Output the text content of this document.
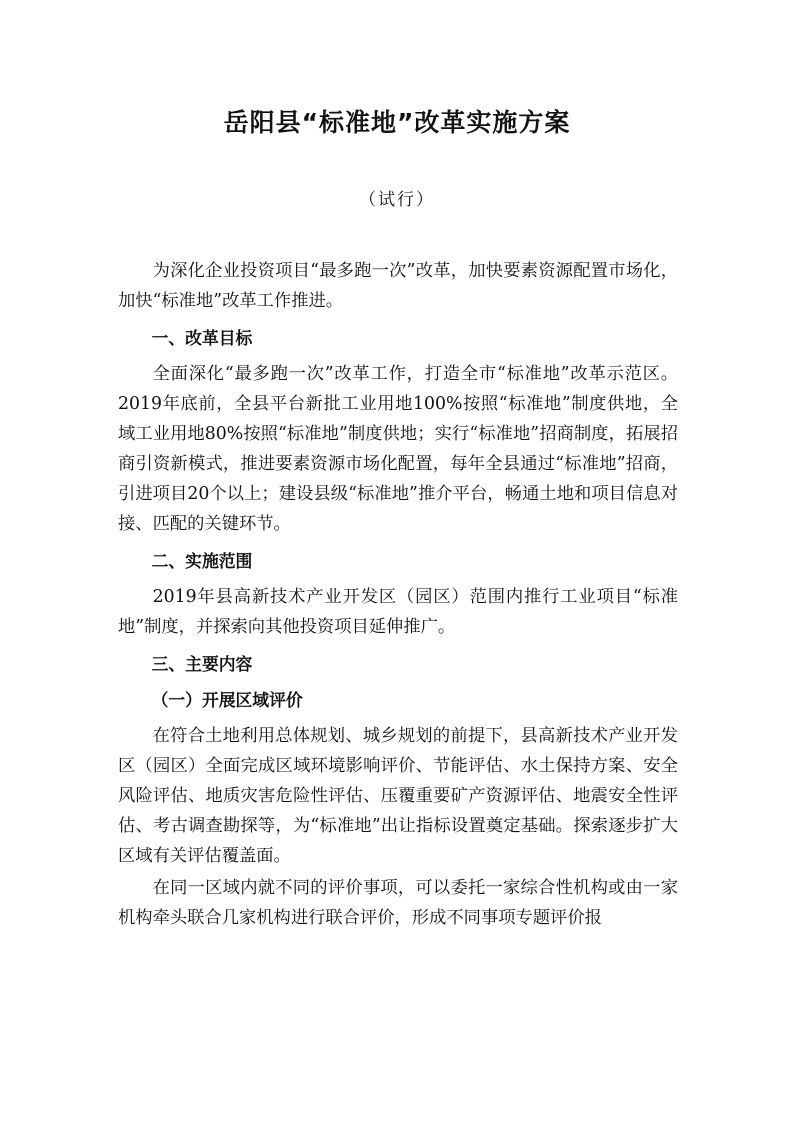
岳阳县“标准地”改革实施方案
（试行）

为深化企业投资项目“最多跑一次”改革，加快要素资源配置市场化，加快“标准地”改革工作推进。

一、改革目标

全面深化“最多跑一次”改革工作，打造全市“标准地”改革示范区。2019年底前，全县平台新批工业用地100%按照“标准地”制度供地，全域工业用地80%按照“标准地”制度供地；实行“标准地”招商制度，拓展招商引资新模式，推进要素资源市场化配置，每年全县通过“标准地”招商，引进项目20个以上；建设县级“标准地”推介平台，畅通土地和项目信息对接、匹配的关键环节。

二、实施范围

2019年县高新技术产业开发区（园区）范围内推行工业项目“标准地”制度，并探索向其他投资项目延伸推广。

三、主要内容

（一）开展区域评价

在符合土地利用总体规划、城乡规划的前提下，县高新技术产业开发区（园区）全面完成区域环境影响评价、节能评估、水土保持方案、安全风险评估、地质灾害危险性评估、压覆重要矿产资源评估、地震安全性评估、考古调查勘探等，为“标准地”出让指标设置奠定基础。探索逐步扩大区域有关评估覆盖面。

在同一区域内就不同的评价事项，可以委托一家综合性机构或由一家机构牵头联合几家机构进行联合评价，形成不同事项专题评价报
